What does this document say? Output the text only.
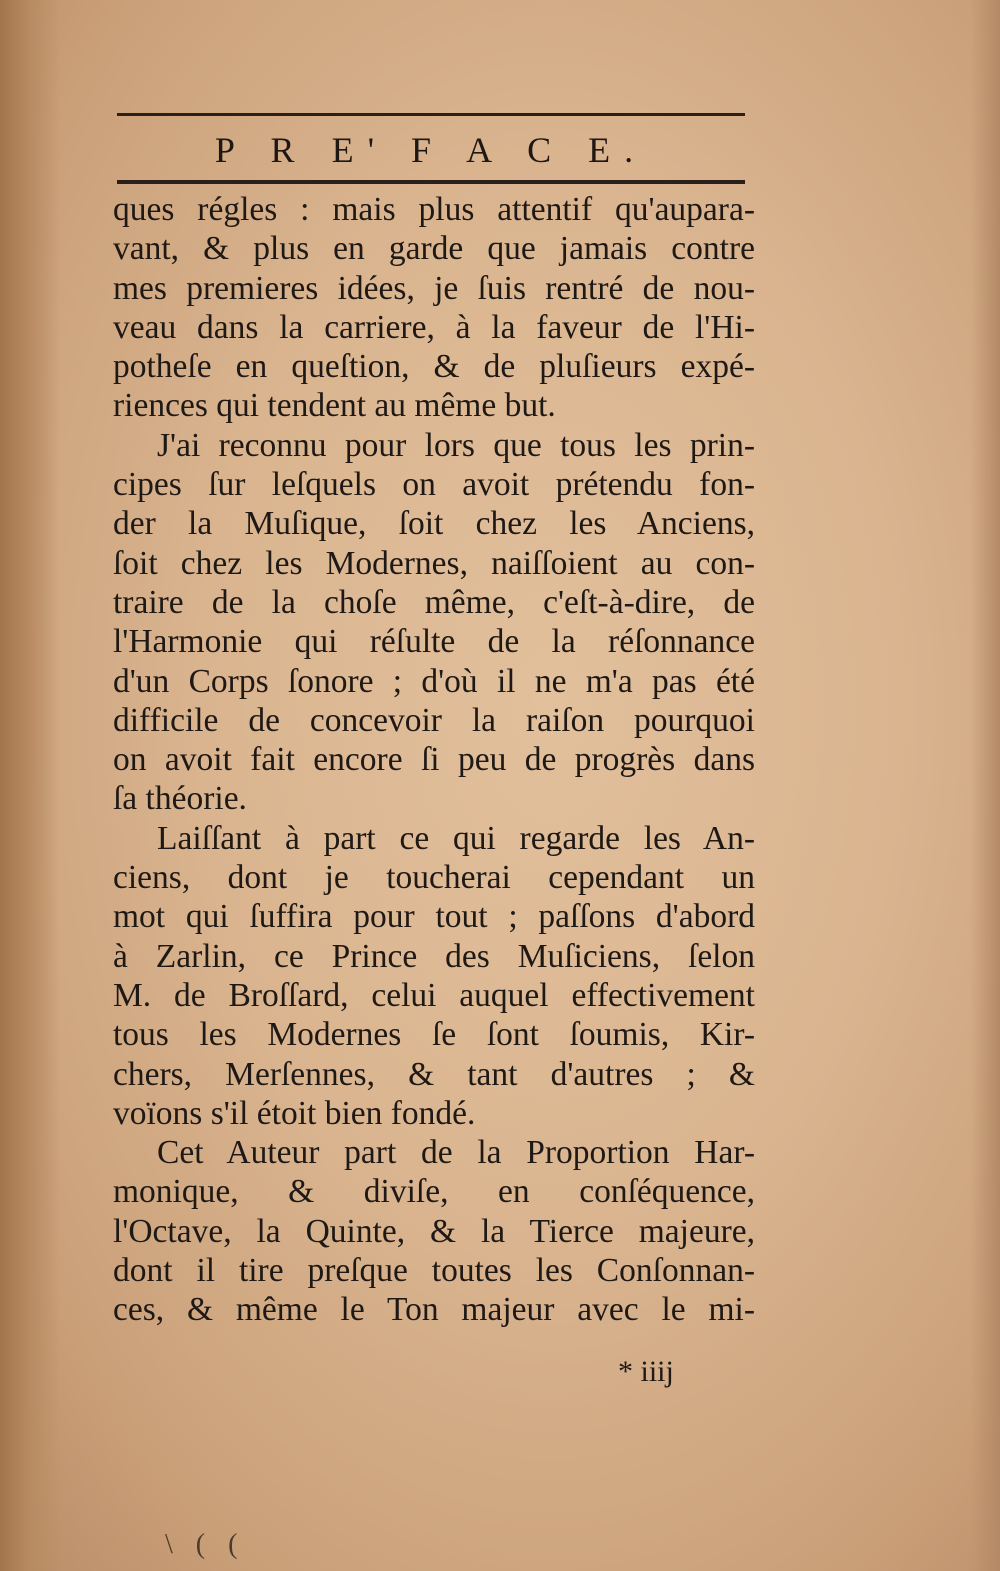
P R E' F A C E.
ques régles : mais plus attentif qu'aupara-
vant, & plus en garde que jamais contre
mes premieres idées, je ſuis rentré de nou-
veau dans la carriere, à la faveur de l'Hi-
potheſe en queſtion, & de pluſieurs expé-
riences qui tendent au même but.
J'ai reconnu pour lors que tous les prin-
cipes ſur leſquels on avoit prétendu fon-
der la Muſique, ſoit chez les Anciens,
ſoit chez les Modernes, naiſſoient au con-
traire de la choſe même, c'eſt-à-dire, de
l'Harmonie qui réſulte de la réſonnance
d'un Corps ſonore ; d'où il ne m'a pas été
difficile de concevoir la raiſon pourquoi
on avoit fait encore ſi peu de progrès dans
ſa théorie.
Laiſſant à part ce qui regarde les An-
ciens, dont je toucherai cependant un
mot qui ſuffira pour tout ; paſſons d'abord
à Zarlin, ce Prince des Muſiciens, ſelon
M. de Broſſard, celui auquel effectivement
tous les Modernes ſe ſont ſoumis, Kir-
chers, Merſennes, & tant d'autres ; &
voïons s'il étoit bien fondé.
Cet Auteur part de la Proportion Har-
monique, & diviſe, en conſéquence,
l'Octave, la Quinte, & la Tierce majeure,
dont il tire preſque toutes les Conſonnan-
ces, & même le Ton majeur avec le mi-
* iiij
\ ( (
